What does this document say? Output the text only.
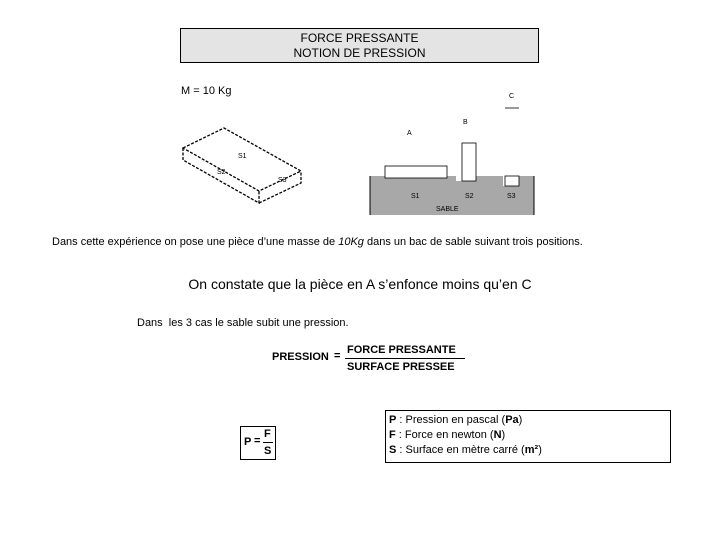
FORCE PRESSANTE
NOTION DE PRESSION
M = 10 Kg
S1
S2
S3
A
B
C
S1	S2	S3
SABLE
Dans cette expérience on pose une pièce d’une masse de 10Kg dans un bac de sable suivant trois positions.
On constate que la pièce en A s’enfonce moins qu’en C
Dans  les 3 cas le sable subit une pression.
PRESSION = FORCE PRESSANTE
SURFACE PRESSEE
P =
F
S
P : Pression en pascal (Pa)
F : Force en newton (N)
S : Surface en mètre carré (m²)
